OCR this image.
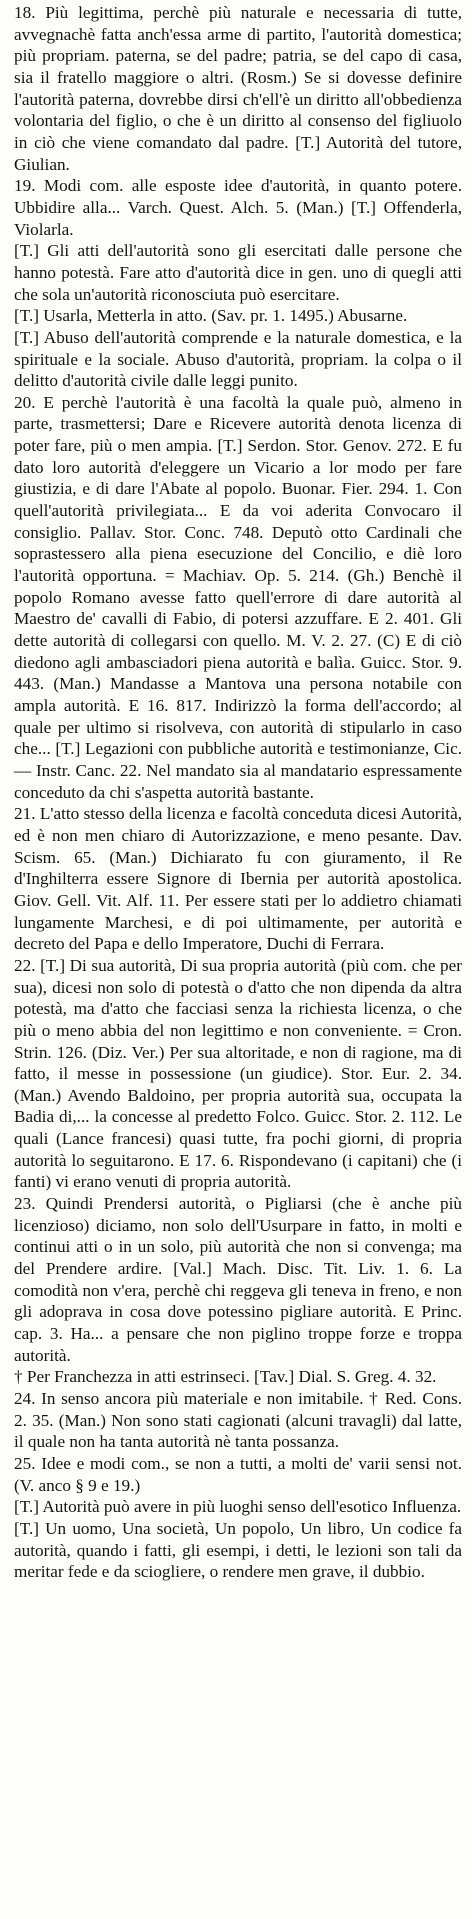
18. Più legittima, perchè più naturale e necessaria di tutte, avvegnachè fatta anch'essa arme di partito, l'autorità domestica; più propriam. paterna, se del padre; patria, se del capo di casa, sia il fratello maggiore o altri. (Rosm.) Se si dovesse definire l'autorità paterna, dovrebbe dirsi ch'ell'è un diritto all'obbedienza volontaria del figlio, o che è un diritto al consenso del figliuolo in ciò che viene comandato dal padre. [T.] Autorità del tutore, Giulian.

19. Modi com. alle esposte idee d'autorità, in quanto potere. Ubbidire alla... Varch. Quest. Alch. 5. (Man.) [T.] Offenderla, Violarla.

[T.] Gli atti dell'autorità sono gli esercitati dalle persone che hanno potestà. Fare atto d'autorità dice in gen. uno di quegli atti che sola un'autorità riconosciuta può esercitare.

[T.] Usarla, Metterla in atto. (Sav. pr. 1. 1495.) Abusarne.

[T.] Abuso dell'autorità comprende e la naturale domestica, e la spirituale e la sociale. Abuso d'autorità, propriam. la colpa o il delitto d'autorità civile dalle leggi punito.

20. E perchè l'autorità è una facoltà la quale può, almeno in parte, trasmettersi; Dare e Ricevere autorità denota licenza di poter fare, più o men ampia. [T.] Serdon. Stor. Genov. 272. E fu dato loro autorità d'eleggere un Vicario a lor modo per fare giustizia, e di dare l'Abate al popolo. Buonar. Fier. 294. 1. Con quell'autorità privilegiata... E da voi aderita Convocaro il consiglio. Pallav. Stor. Conc. 748. Deputò otto Cardinali che soprastessero alla piena esecuzione del Concilio, e diè loro l'autorità opportuna. = Machiav. Op. 5. 214. (Gh.) Benchè il popolo Romano avesse fatto quell'errore di dare autorità al Maestro de' cavalli di Fabio, di potersi azzuffare. E 2. 401. Gli dette autorità di collegarsi con quello. M. V. 2. 27. (C) E di ciò diedono agli ambasciadori piena autorità e balìa. Guicc. Stor. 9. 443. (Man.) Mandasse a Mantova una persona notabile con ampla autorità. E 16. 817. Indirizzò la forma dell'accordo; al quale per ultimo si risolveva, con autorità di stipularlo in caso che... [T.] Legazioni con pubbliche autorità e testimonianze, Cic. — Instr. Canc. 22. Nel mandato sia al mandatario espressamente conceduto da chi s'aspetta autorità bastante.

21. L'atto stesso della licenza e facoltà conceduta dicesi Autorità, ed è non men chiaro di Autorizzazione, e meno pesante. Dav. Scism. 65. (Man.) Dichiarato fu con giuramento, il Re d'Inghilterra essere Signore di Ibernia per autorità apostolica. Giov. Gell. Vit. Alf. 11. Per essere stati per lo addietro chiamati lungamente Marchesi, e di poi ultimamente, per autorità e decreto del Papa e dello Imperatore, Duchi di Ferrara.

22. [T.] Di sua autorità, Di sua propria autorità (più com. che per sua), dicesi non solo di potestà o d'atto che non dipenda da altra potestà, ma d'atto che facciasi senza la richiesta licenza, o che più o meno abbia del non legittimo e non conveniente. = Cron. Strin. 126. (Diz. Ver.) Per sua altoritade, e non di ragione, ma di fatto, il messe in possessione (un giudice). Stor. Eur. 2. 34. (Man.) Avendo Baldoino, per propria autorità sua, occupata la Badia di,... la concesse al predetto Folco. Guicc. Stor. 2. 112. Le quali (Lance francesi) quasi tutte, fra pochi giorni, di propria autorità lo seguitarono. E 17. 6. Rispondevano (i capitani) che (i fanti) vi erano venuti di propria autorità.

23. Quindi Prendersi autorità, o Pigliarsi (che è anche più licenzioso) diciamo, non solo dell'Usurpare in fatto, in molti e continui atti o in un solo, più autorità che non si convenga; ma del Prendere ardire. [Val.] Mach. Disc. Tit. Liv. 1. 6. La comodità non v'era, perchè chi reggeva gli teneva in freno, e non gli adoprava in cosa dove potessino pigliare autorità. E Princ. cap. 3. Ha... a pensare che non piglino troppe forze e troppa autorità.

† Per Franchezza in atti estrinseci. [Tav.] Dial. S. Greg. 4. 32.

24. In senso ancora più materiale e non imitabile. † Red. Cons. 2. 35. (Man.) Non sono stati cagionati (alcuni travagli) dal latte, il quale non ha tanta autorità nè tanta possanza.

25. Idee e modi com., se non a tutti, a molti de' varii sensi not. (V. anco § 9 e 19.)

[T.] Autorità può avere in più luoghi senso dell'esotico Influenza.

[T.] Un uomo, Una società, Un popolo, Un libro, Un codice fa autorità, quando i fatti, gli esempi, i detti, le lezioni son tali da meritar fede e da sciogliere, o rendere men grave, il dubbio.
